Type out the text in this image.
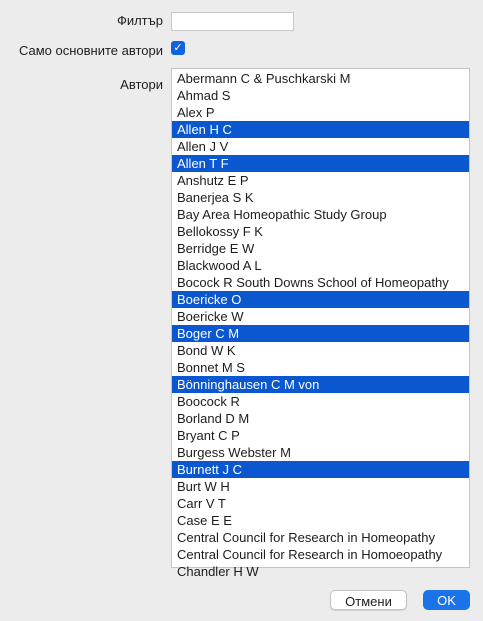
Филтър
Само основните автори ✓
Автори	Abermann C & Puschkarski M
Ahmad S
Alex P
Allen H C
Allen J V
Allen T F
Anshutz E P
Banerjea S K
Bay Area Homeopathic Study Group
Bellokossy F K
Berridge E W
Blackwood A L
Bocock R South Downs School of Homeopathy
Boericke O
Boericke W
Boger C M
Bond W K
Bonnet M S
Bönninghausen C M von
Boocock R
Borland D M
Bryant C P
Burgess Webster M
Burnett J C
Burt W H
Carr V T
Case E E
Central Council for Research in Homeopathy
Central Council for Research in Homoeopathy
Chandler H W
Отмени	OK
